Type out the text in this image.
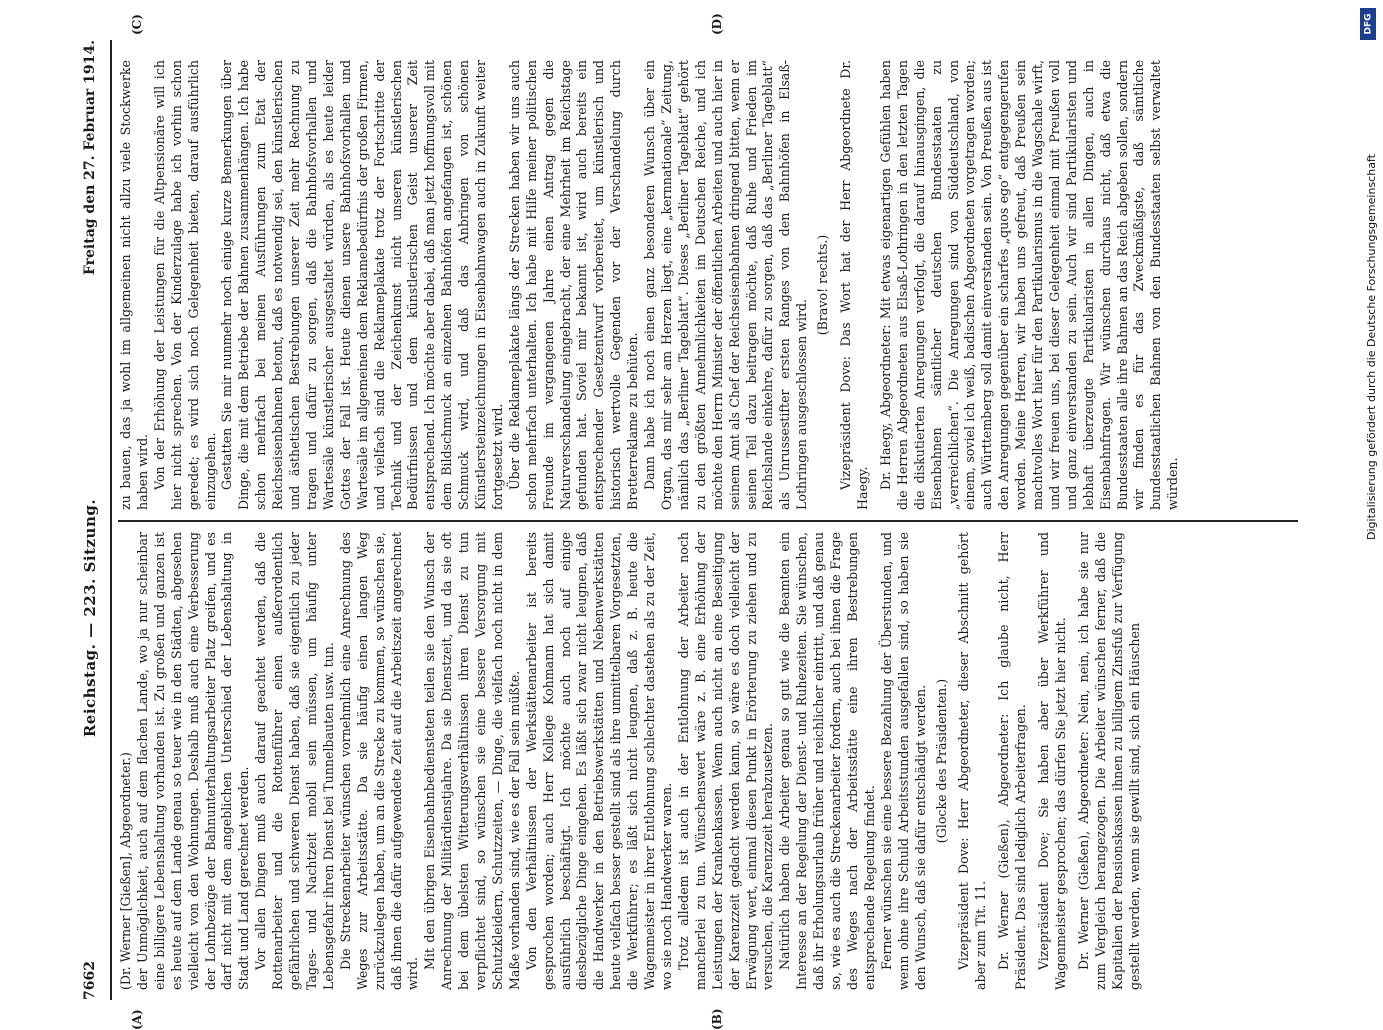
7662
Reichstag. — 223. Sitzung.
Freitag den 27. Februar 1914.

(Dr. Werner [Gießen], Abgeordneter.) der Unmöglichkeit, auch auf dem flachen Lande, wo ja nur scheinbar eine billigere Lebenshaltung vorhanden ist. Zu großen und ganzen ist es heute auf dem Lande genau so teuer wie in den Städten, abgesehen vielleicht von den Wohnungen. Deshalb muß auch eine Verbesserung der Lohnbezüge der Bahnunterhaltungsarbeiter Platz greifen, und es darf nicht mit dem angeblichen Unterschied der Lebenshaltung in Stadt und Land gerechnet werden. Vor allen Dingen muß auch darauf geachtet werden, daß die Rottenarbeiter und die Rottenführer einen außerordentlich gefährlichen und schweren Dienst haben, daß sie eigentlich zu jeder Tages- und Nachtzeit mobil sein müssen, um häufig unter Lebensgefahr ihren Dienst bei Tunnelbauten usw. tun. Die Streckenarbeiter wünschen vornehmlich eine Anrechnung des Weges zur Arbeitsstätte. Da sie häufig einen langen Weg zurückzulegen haben, um an die Strecke zu kommen, so wünschen sie, daß ihnen die dafür aufgewendete Zeit auf die Arbeitszeit angerechnet wird.

Mit den übrigen Eisenbahnbediensteten teilen sie den Wunsch der Anrechnung der Militärdienstjahre. Da sie Dienstzeit, und da sie oft bei dem übelsten Witterungsverhältnissen ihren Dienst zu tun verpflichtet sind, so wünschen sie eine bessere Versorgung mit Schutzkleidern, Schutzzeiten, — Dinge, die vielfach noch nicht in dem Maße vorhanden sind, wie es der Fall sein müßte. Von den Verhältnissen der Werkstättenarbeiter ist bereits gesprochen worden; auch Herr Kollege Kohmann hat sich damit ausführlich beschäftigt. Ich möchte auch noch auf einige diesbezügliche Dinge eingehen. Es läßt sich zwar nicht leugnen, daß die Handwerker in den Betriebswerkstätten und Nebenwerkstätten heute vielfach besser gestellt sind als ihre unmittelbaren Vorgesetzten, die Werkführer; es läßt sich nicht leugnen, daß z. B. heute die Wagenmeister in ihrer Entlohnung schlechter dastehen als zu der Zeit, wo sie noch Handwerker waren. Trotz alledem ist auch in der Entlohnung der Arbeiter noch mancherlei zu tun. Wünschenswert wäre z. B. eine Erhöhung der Leistungen der Krankenkassen. Wenn auch nicht an eine Beseitigung der Karenzzeit gedacht werden kann, so wäre es doch vielleicht der Erwägung wert, einmal diesen Punkt in Erörterung zu ziehen und zu versuchen, die Karenzzeit herabzusetzen. Natürlich haben die Arbeiter genau so gut wie die Beamten ein Interesse an der Regelung der Dienst- und Ruhezeiten. Sie wünschen, daß ihr Erholungsurlaub früher und reichlicher eintritt, und daß genau so, wie es auch die Streckenarbeiter fordern, auch bei ihnen die Frage des Weges nach der Arbeitsstätte eine ihren Bestrebungen entsprechende Regelung findet. Ferner wünschen sie eine bessere Bezahlung der Überstunden, und wenn ohne ihre Schuld Arbeitsstunden ausgefallen sind, so haben sie den Wunsch, daß sie dafür entschädigt werden. (Glocke des Präsidenten.) Vizepräsident Dove: Herr Abgeordneter, dieser Abschnitt gehört aber zum Tit. 11. Dr. Werner (Gießen), Abgeordneter: Ich glaube nicht, Herr Präsident. Das sind lediglich Arbeiterfragen. Vizepräsident Dove; Sie haben aber über Werkführer und Wagenmeister gesprochen; das dürfen Sie jetzt hier nicht. Dr. Werner (Gießen), Abgeordneter: Nein, nein, ich habe sie nur zum Vergleich herangezogen. Die Arbeiter wünschen ferner, daß die Kapitalien der Pensionskassen ihnen zu billigem Zinsfuß zur Verfügung gestellt werden, wenn sie gewillt sind, sich ein Häuschen

zu bauen, das ja wohl im allgemeinen nicht allzu viele Stockwerke haben wird. Von der Erhöhung der Leistungen für die Altpensionäre will ich hier nicht sprechen. Von der Kinderzulage habe ich vorhin schon geredet; es wird sich noch Gelegenheit bieten, darauf ausführlich einzugehen. Gestatten Sie mir nunmehr noch einige kurze Bemerkungen über Dinge, die mit dem Betriebe der Bahnen zusammenhängen. Ich habe schon mehrfach bei meinen Ausführungen zum Etat der Reichseisenbahnen betont, daß es notwendig sei, den künstlerischen und ästhetischen Bestrebungen unserer Zeit mehr Rechnung zu tragen und dafür zu sorgen, daß die Bahnhofsvorhallen und Wartesäle künstlerischer ausgestaltet würden, als es heute leider Gottes der Fall ist. Heute dienen unsere Bahnhofsvorhallen und Wartesäle im allgemeinen dem Reklamebedürfnis der großen Firmen, und vielfach sind die Reklameplakate trotz der Fortschritte der Technik und der Zeichenkunst nicht unseren künstlerischen Bedürfnissen und dem künstlerischen Geist unserer Zeit entsprechend. Ich möchte aber dabei, daß man jetzt hoffnungsvoll mit dem Bildschmuck an einzelnen Bahnhöfen angefangen ist, schönen Schmuck wird, und daß das Anbringen von schönen Künstlersteinzeichnungen in Eisenbahnwagen auch in Zukunft weiter fortgesetzt wird. Über die Reklameplakate längs der Strecken haben wir uns auch schon mehrfach unterhalten. Ich habe mit Hilfe meiner politischen Freunde im vergangenen Jahre einen Antrag gegen die Naturverschandelung eingebracht, der eine Mehrheit im Reichstage gefunden hat. Soviel mir bekannt ist, wird auch bereits ein entsprechender Gesetzentwurf vorbereitet, um künstlerisch und historisch wertvolle Gegenden vor der Verschandelung durch Bretterreklame zu behüten. Dann habe ich noch einen ganz besonderen Wunsch über ein Organ, das mir sehr am Herzen liegt, eine „kernnationale“ Zeitung, nämlich das „Berliner Tageblatt“. Dieses „Berliner Tageblatt“ gehört zu den größten Annehmlichkeiten im Deutschen Reiche, und ich möchte den Herrn Minister der öffentlichen Arbeiten und auch hier in seinem Amt als Chef der Reichseisenbahnen dringend bitten, wenn er seinen Teil dazu beitragen möchte, daß Ruhe und Frieden im Reichslande einkehre, dafür zu sorgen, daß das „Berliner Tageblatt“ als Unrussestifter ersten Ranges von den Bahnhöfen in Elsaß-Lothringen ausgeschlossen wird.

(Bravo! rechts.) Vizepräsident Dove: Das Wort hat der Herr Abgeordnete Dr. Haegy. Dr. Haegy, Abgeordneter: Mit etwas eigenartigen Gefühlen haben die Herren Abgeordneten aus Elsaß-Lothringen in den letzten Tagen die diskutierten Anregungen verfolgt, die darauf hinausgingen, die Eisenbahnen sämtlicher deutschen Bundesstaaten zu „verreichlichen“. Die Anregungen sind von Süddeutschland, von einem, soviel ich weiß, badischen Abgeordneten vorgetragen worden; auch Württemberg soll damit einverstanden sein. Von Preußen aus ist den Anregungen gegenüber ein scharfes „quos ego“ entgegengerufen worden. Meine Herren, wir haben uns gefreut, daß Preußen sein machtvolles Wort hier für den Partikularismus in die Wagschale wirft, und wir freuen uns, bei dieser Gelegenheit einmal mit Preußen voll und ganz einverstanden zu sein. Auch wir sind Partikularisten und lebhaft überzeugte Partikularisten in allen Dingen, auch in Eisenbahnfragen. Wir wünschen durchaus nicht, daß etwa die Bundesstaaten alle ihre Bahnen an das Reich abgeben sollen, sondern wir finden es für das Zweckmäßigste, daß sämtliche bundesstaatlichen Bahnen von den Bundesstaaten selbst verwaltet würden.

(A)	(B)
(C)	(D)	DFG
Digitalisierung gefördert durch die Deutsche Forschungsgemeinschaft
